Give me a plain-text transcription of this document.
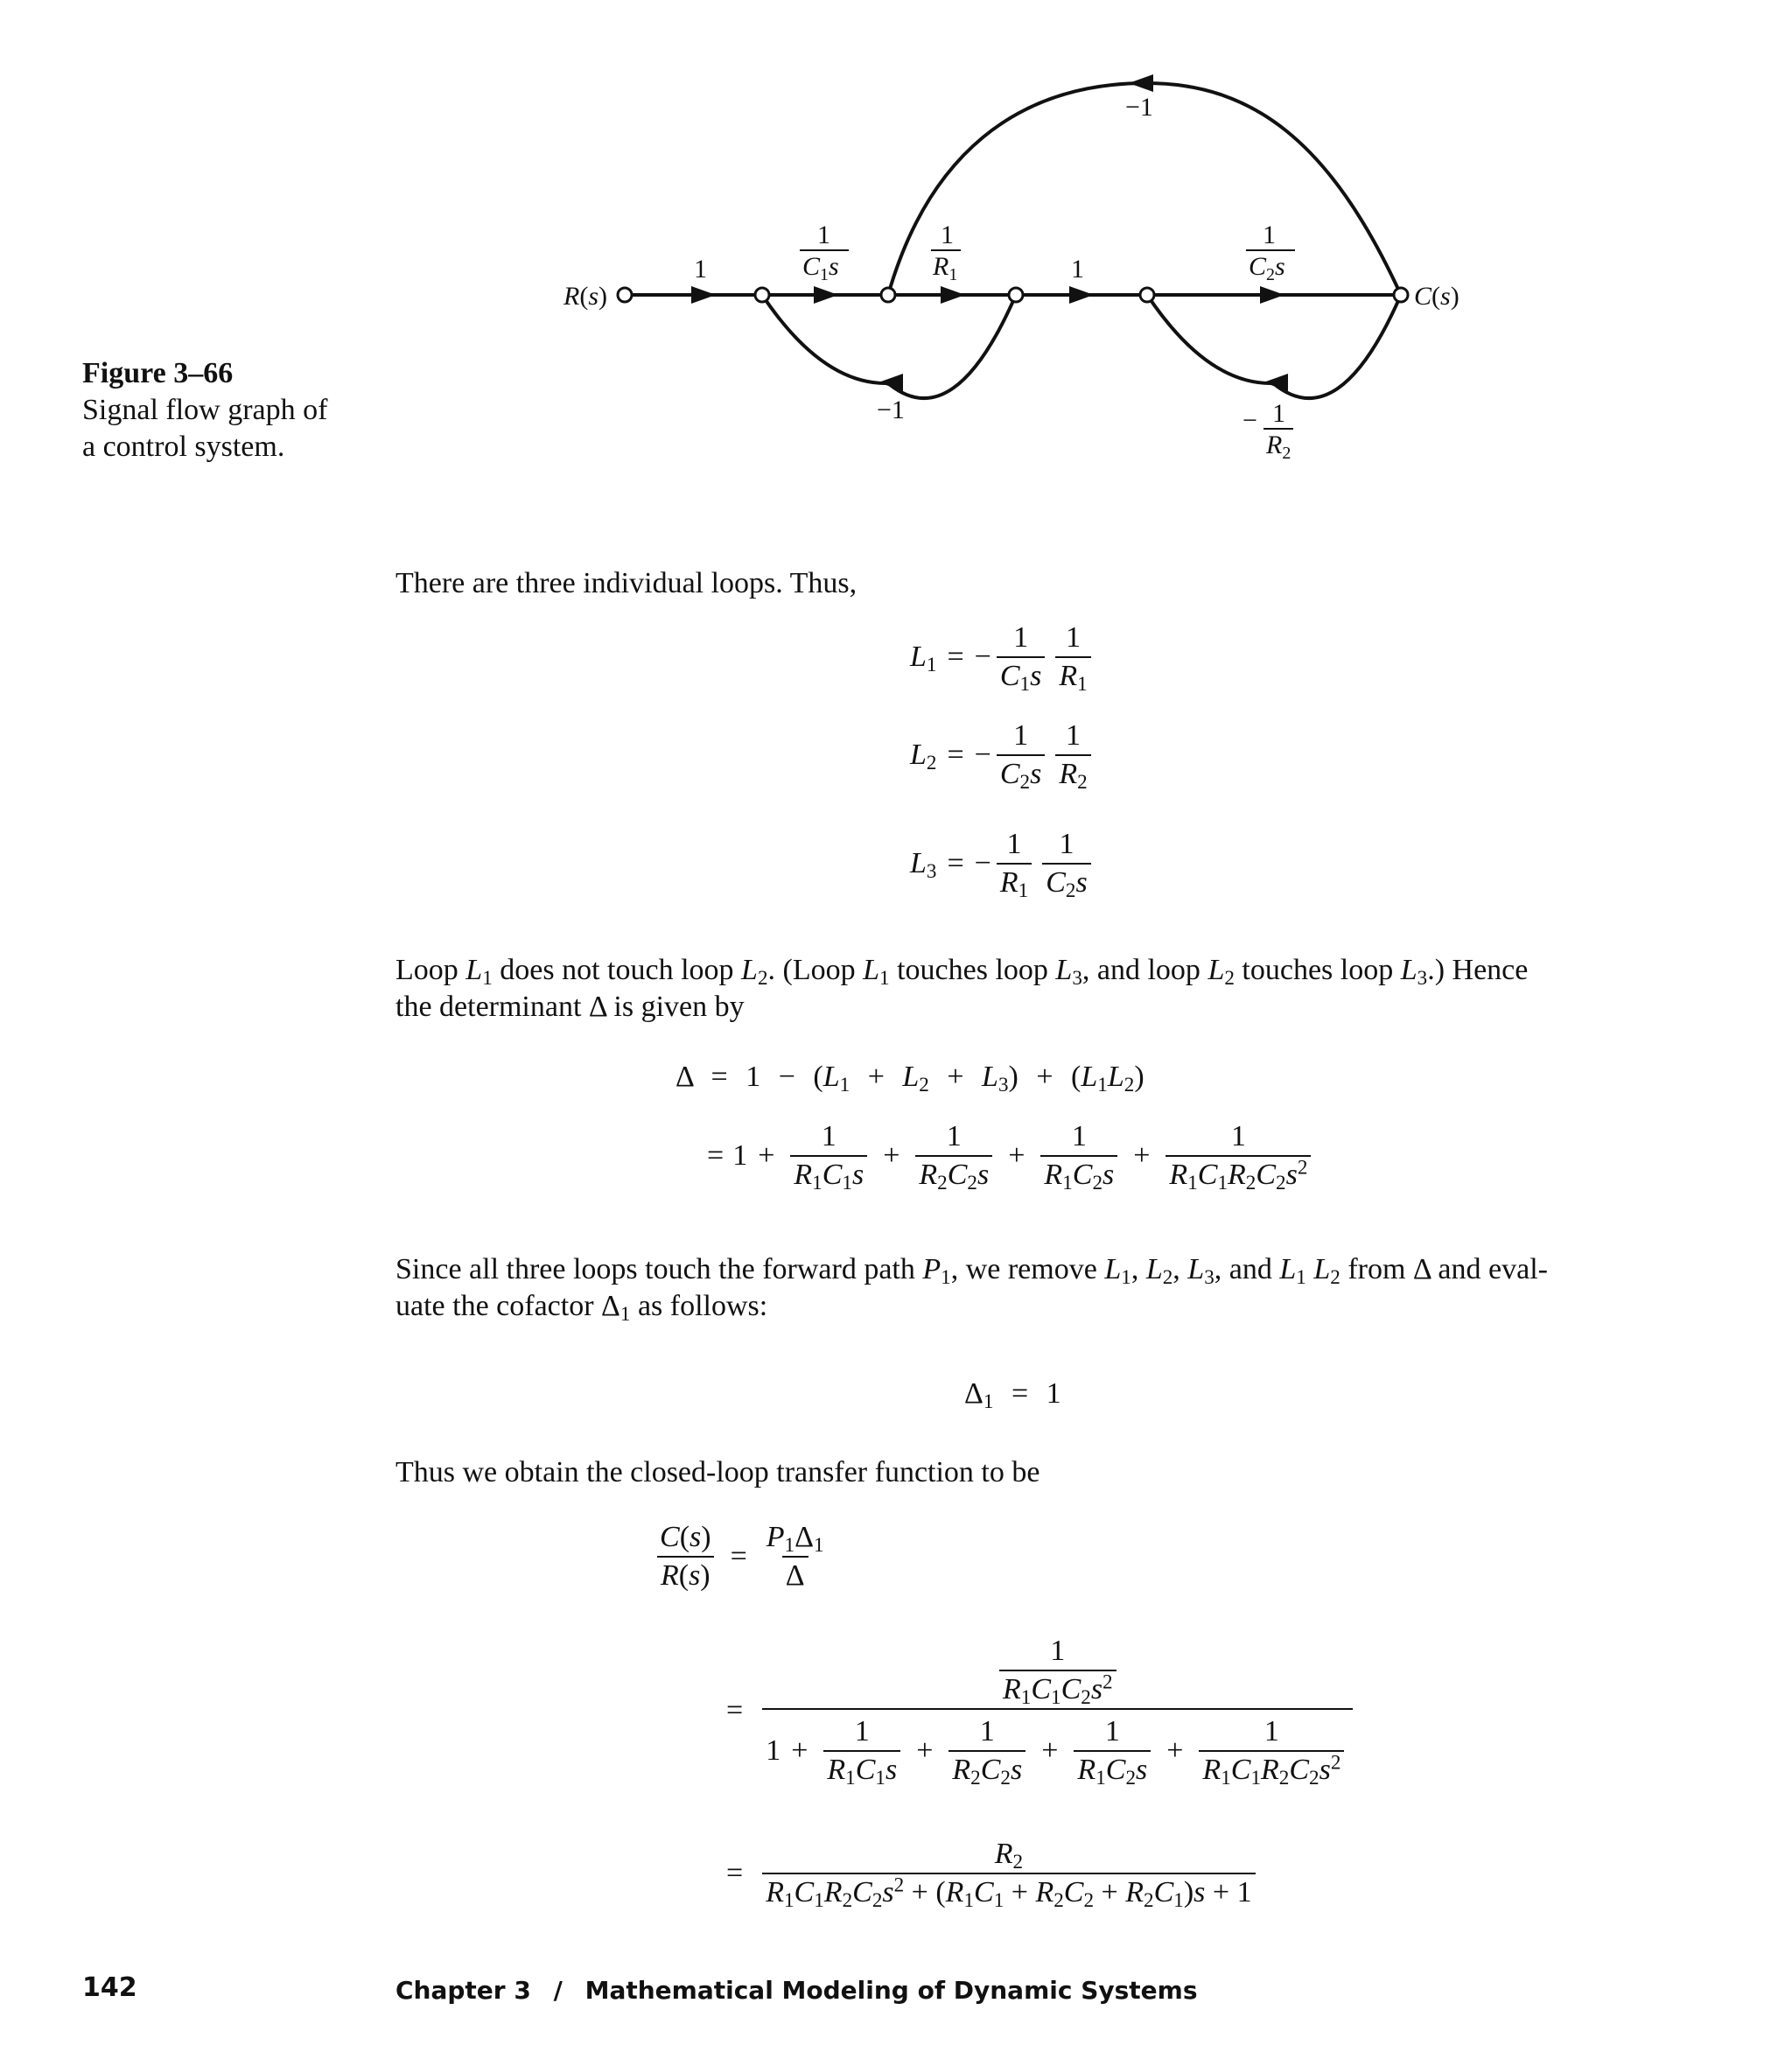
Figure 3–66
Signal flow graph of
a control system.
R(s)	C(s)
1
1
$C_1s$
1
$R_1$	1
1
$C_2s$
−1
−1	− 1
$R_2$
There are three individual loops. Thus,
$L_1$ = − $\frac{1}{C_1s} \frac{1}{R_1}$
$L_2$ = − $\frac{1}{C_2s} \frac{1}{R_2}$
$L_3$ = − $\frac{1}{R_1} \frac{1}{C_2s}$
Loop $L_1$ does not touch loop $L_2$. (Loop $L_1$ touches loop $L_3$, and loop $L_2$ touches loop $L_3$.) Hence
the determinant Δ is given by
$\Delta = 1 - (L_1 + L_2 + L_3) + (L_1L_2)$
= $1 + \frac{1}{R_1C_1s} + \frac{1}{R_2C_2s} + \frac{1}{R_1C_2s} + \frac{1}{R_1C_1R_2C_2s^2}$
Since all three loops touch the forward path $P_1$, we remove $L_1$, $L_2$, $L_3$, and $L_1$ $L_2$ from Δ and eval-
uate the cofactor $\Delta_1$ as follows:
$\Delta_1 = 1$
Thus we obtain the closed-loop transfer function to be
$\frac{C(s)}{R(s)} = \frac{P_1\Delta_1}{\Delta}$
=
$\frac{1}{R_1C_1C_2s^2}$
$1 + \frac{1}{R_1C_1s} + \frac{1}{R_2C_2s} + \frac{1}{R_1C_2s} + \frac{1}{R_1C_1R_2C_2s^2}$
= $\frac{R_2}{R_1C_1R_2C_2s^2 + (R_1C_1 + R_2C_2 + R_2C_1)s + 1}$
142	Chapter 3 / Mathematical Modeling of Dynamic Systems
